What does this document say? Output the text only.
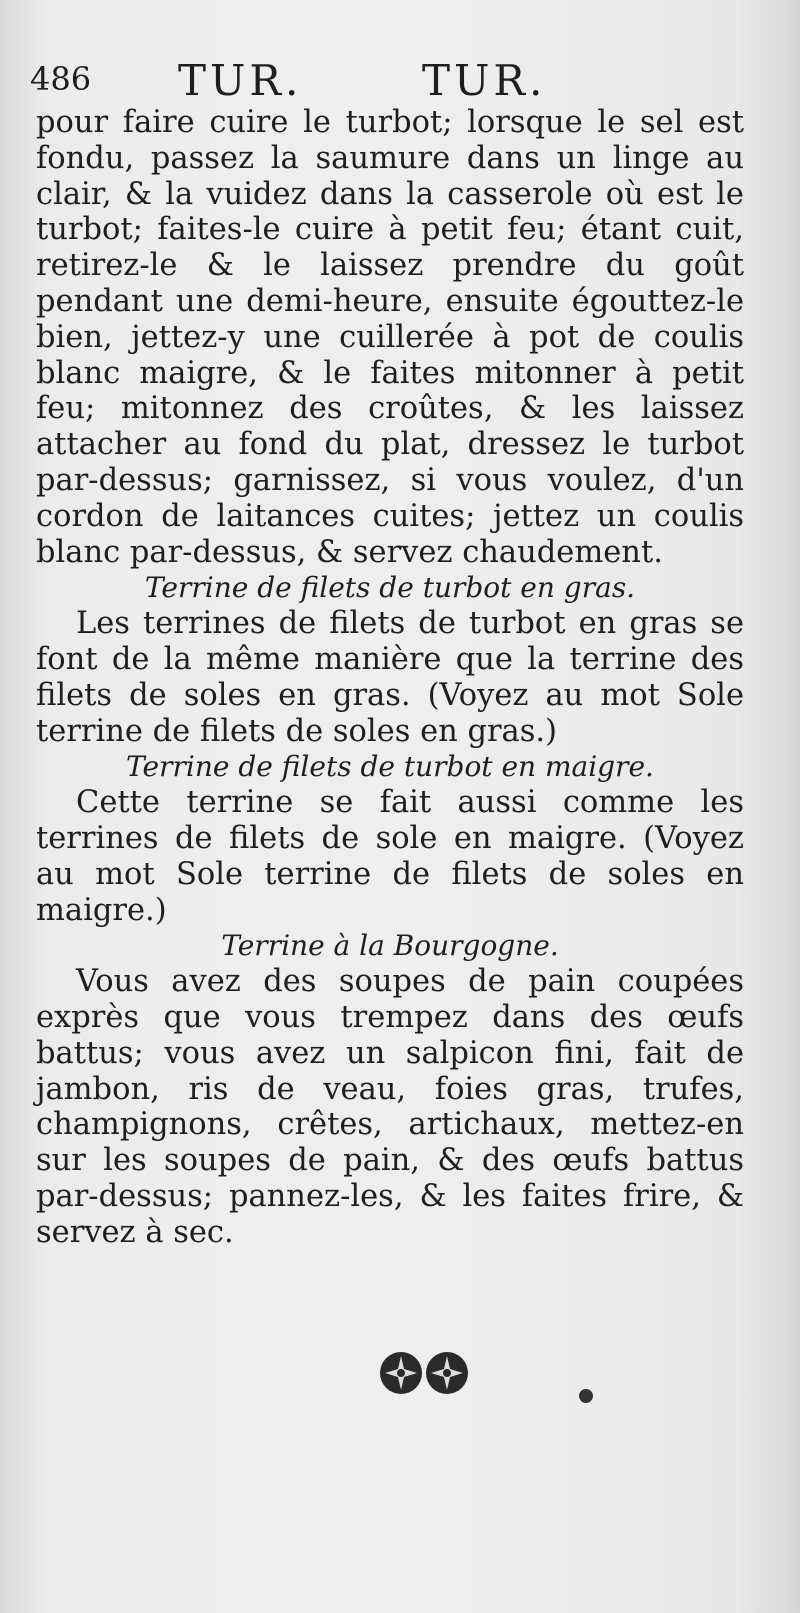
486 TUR.	TUR.

pour faire cuire le turbot; lorsque le sel est fondu, passez la saumure dans un linge au clair, & la vuidez dans la casserole où est le turbot; faites-le cuire à petit feu; étant cuit, retirez-le & le laissez prendre du goût pendant une demi-heure, ensuite égouttez-le bien, jettez-y une cuillerée à pot de coulis blanc maigre, & le faites mitonner à petit feu; mitonnez des croûtes, & les laissez attacher au fond du plat, dressez le turbot par-dessus; garnissez, si vous voulez, d'un cordon de laitances cuites; jettez un coulis blanc par-dessus, & servez chaudement.

Terrine de filets de turbot en gras.

Les terrines de filets de turbot en gras se font de la même manière que la terrine des filets de soles en gras. (Voyez au mot Sole terrine de filets de soles en gras.)

Terrine de filets de turbot en maigre.

Cette terrine se fait aussi comme les terrines de filets de sole en maigre. (Voyez au mot Sole terrine de filets de soles en maigre.)

Terrine à la Bourgogne.

Vous avez des soupes de pain coupées exprès que vous trempez dans des œufs battus; vous avez un salpicon fini, fait de jambon, ris de veau, foies gras, trufes, champignons, crêtes, artichaux, mettez-en sur les soupes de pain, & des œufs battus par-dessus; pannez-les, & les faites frire, & servez à sec.
